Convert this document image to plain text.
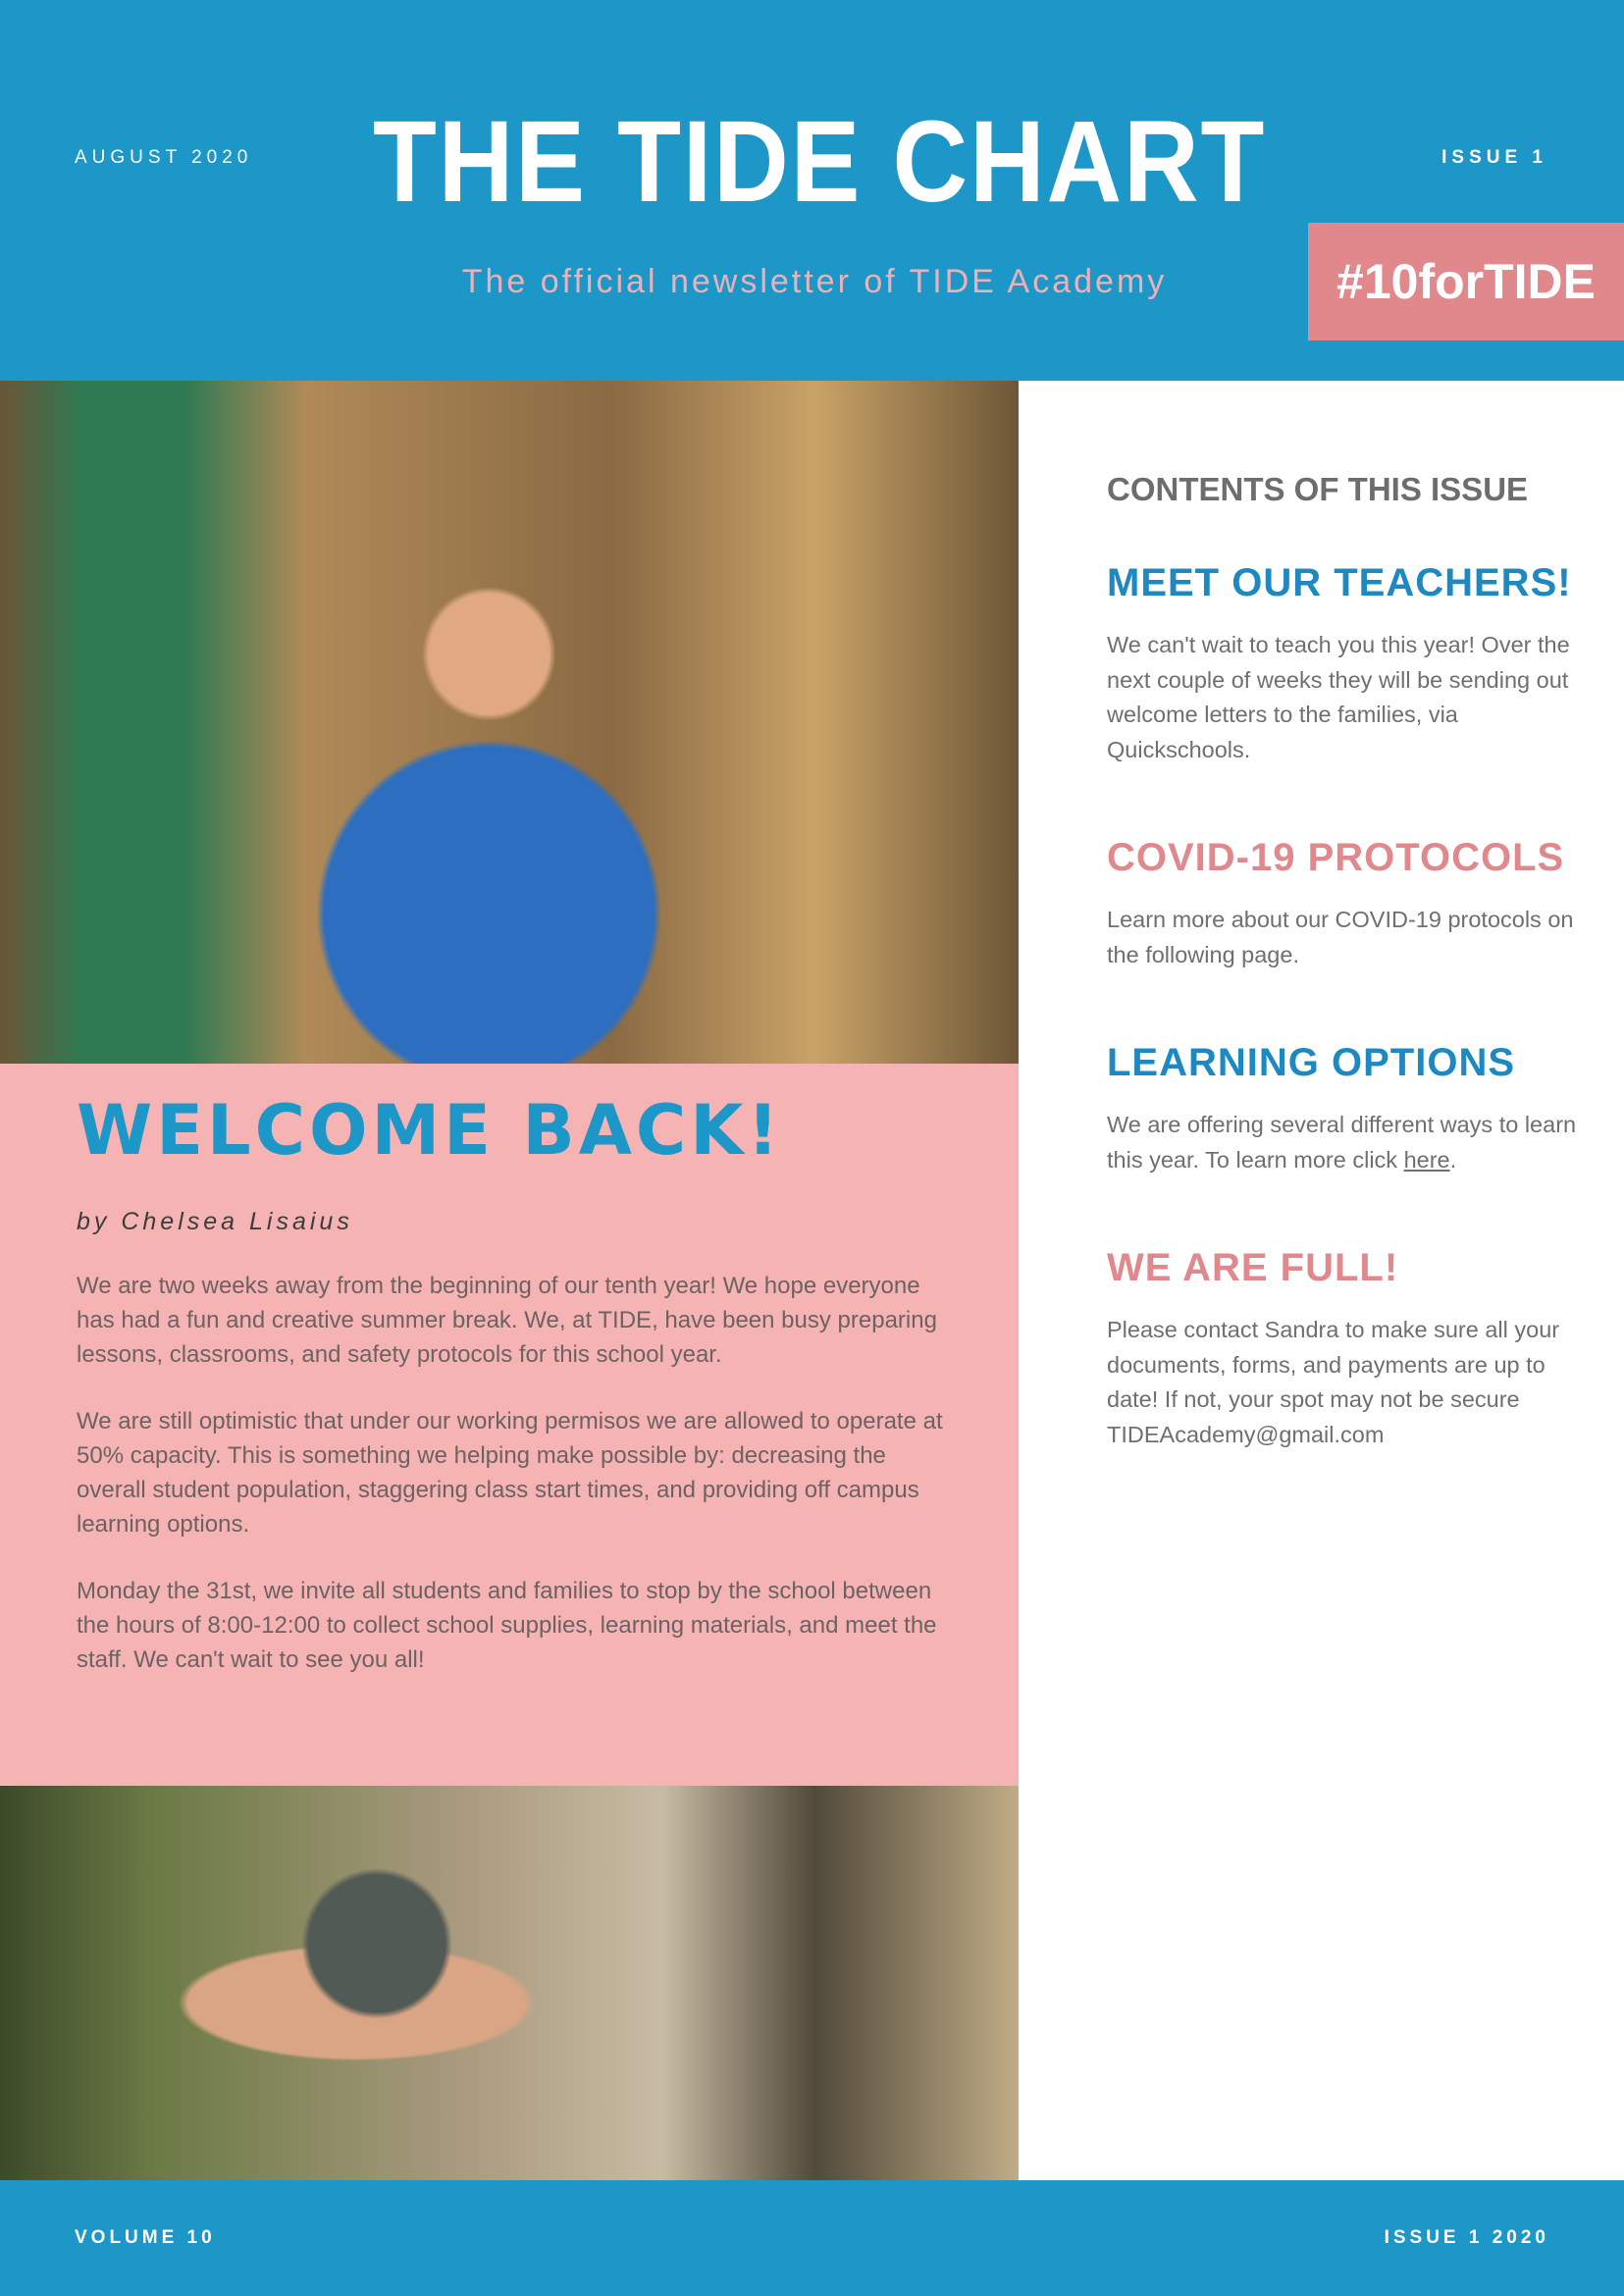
AUGUST 2020 THE TIDE CHART	ISSUE 1
The official newsletter of TIDE Academy	#10forTIDE
WELCOME BACK!
by Chelsea Lisaius

We are two weeks away from the beginning of our tenth year! We hope everyone has had a fun and creative summer break. We, at TIDE, have been busy preparing lessons, classrooms, and safety protocols for this school year.

We are still optimistic that under our working permisos we are allowed to operate at 50% capacity. This is something we helping make possible by: decreasing the overall student population, staggering class start times, and providing off campus learning options.

Monday the 31st, we invite all students and families to stop by the school between the hours of 8:00-12:00 to collect school supplies, learning materials, and meet the staff. We can't wait to see you all!

CONTENTS OF THIS ISSUE
MEET OUR TEACHERS!

We can't wait to teach you this year! Over the next couple of weeks they will be sending out welcome letters to the families, via Quickschools.

COVID-19 PROTOCOLS

Learn more about our COVID-19 protocols on the following page.

LEARNING OPTIONS

We are offering several different ways to learn this year. To learn more click here.

WE ARE FULL!

Please contact Sandra to make sure all your documents, forms, and payments are up to date! If not, your spot may not be secure
TIDEAcademy@gmail.com

VOLUME 10	ISSUE 1 2020
